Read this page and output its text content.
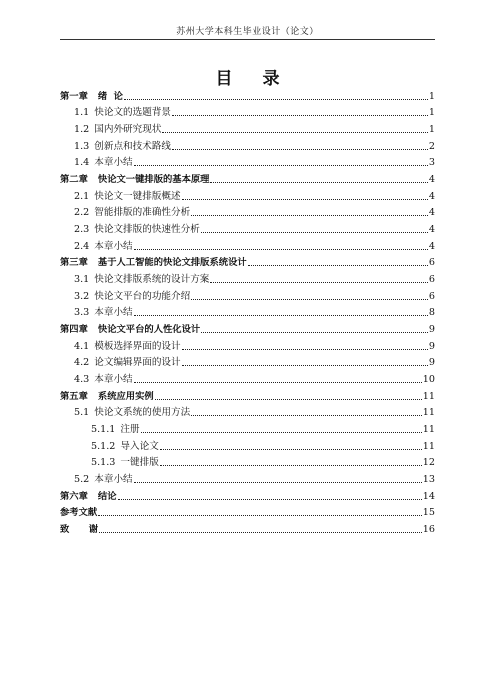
苏州大学本科生毕业设计（论文）
目 录
第一章 绪  论	1
1.1 快论文的选题背景	1
1.2 国内外研究现状	1
1.3 创新点和技术路线	2
1.4 本章小结	3
第二章 快论文一键排版的基本原理	4
2.1 快论文一键排版概述	4
2.2 智能排版的准确性分析	4
2.3 快论文排版的快速性分析	4
2.4 本章小结	4
第三章 基于人工智能的快论文排版系统设计	6
3.1 快论文排版系统的设计方案	6
3.2 快论文平台的功能介绍	6
3.3 本章小结	8
第四章 快论文平台的人性化设计	9
4.1 模板选择界面的设计	9
4.2 论文编辑界面的设计	9
4.3 本章小结	10
第五章 系统应用实例	11
5.1 快论文系统的使用方法	11
5.1.1 注册	11
5.1.2 导入论文	11
5.1.3 一键排版	12
5.2 本章小结	13
第六章 结论	14
参考文献	15
致      谢	16
